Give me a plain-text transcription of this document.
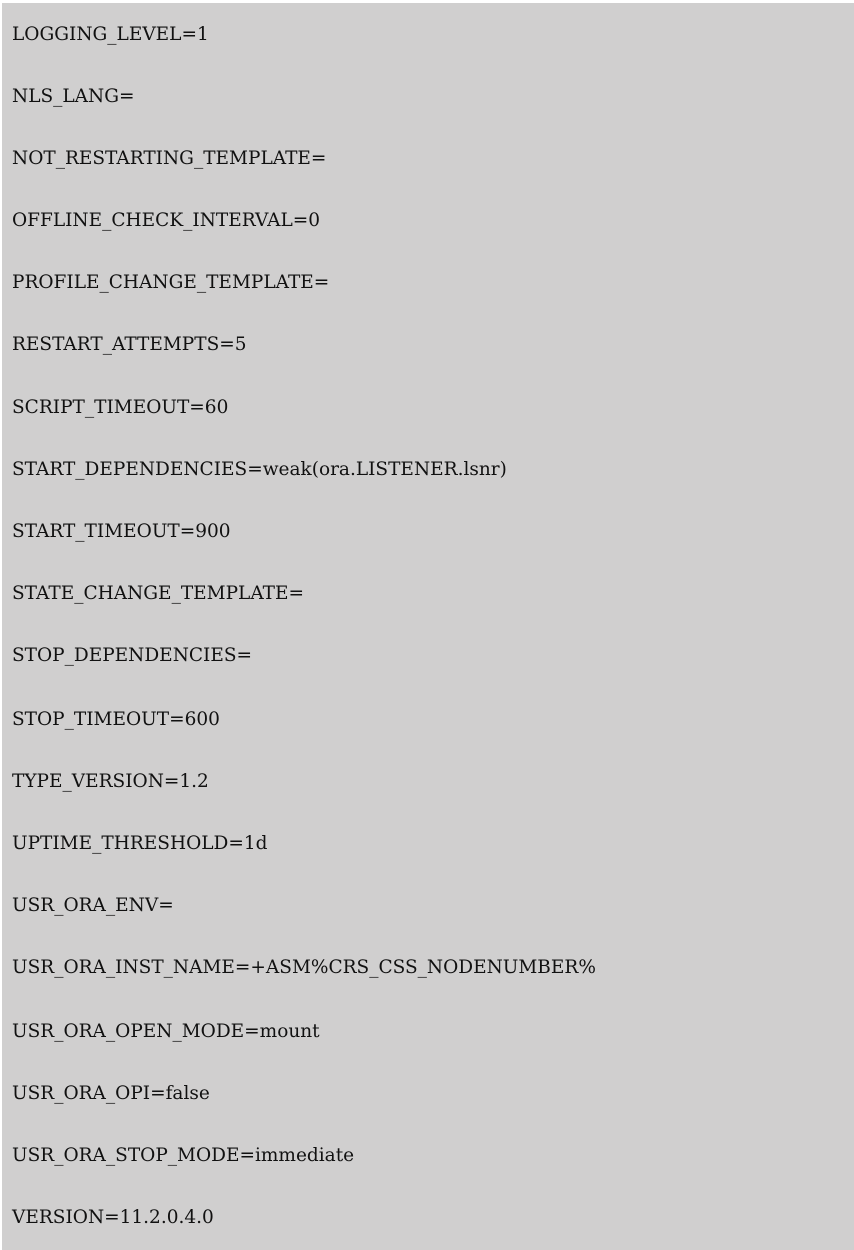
LOGGING_LEVEL=1
NLS_LANG=
NOT_RESTARTING_TEMPLATE=
OFFLINE_CHECK_INTERVAL=0
PROFILE_CHANGE_TEMPLATE=
RESTART_ATTEMPTS=5
SCRIPT_TIMEOUT=60
START_DEPENDENCIES=weak(ora.LISTENER.lsnr)
START_TIMEOUT=900
STATE_CHANGE_TEMPLATE=
STOP_DEPENDENCIES=
STOP_TIMEOUT=600
TYPE_VERSION=1.2
UPTIME_THRESHOLD=1d
USR_ORA_ENV=
USR_ORA_INST_NAME=+ASM%CRS_CSS_NODENUMBER%
USR_ORA_OPEN_MODE=mount
USR_ORA_OPI=false
USR_ORA_STOP_MODE=immediate
VERSION=11.2.0.4.0
